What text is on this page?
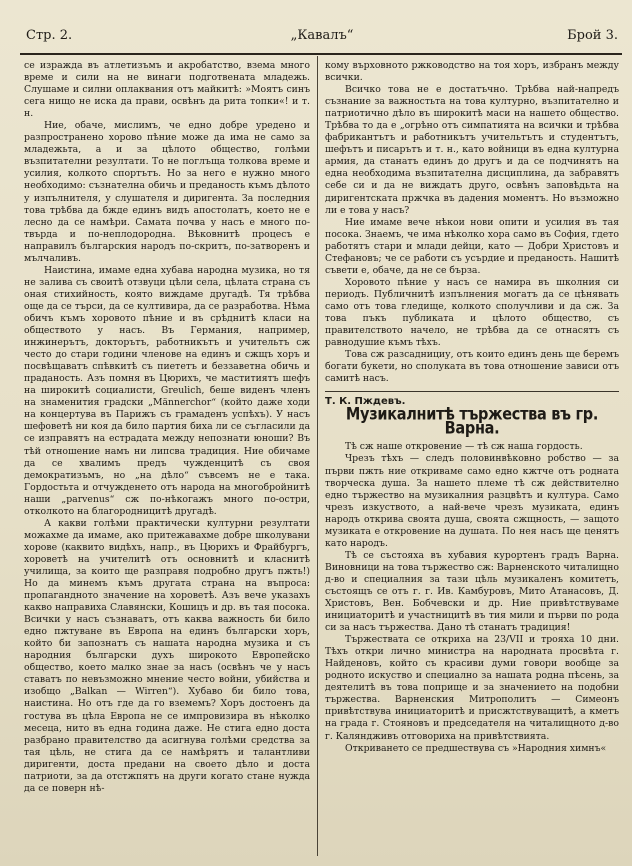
Стр. 2.	„Кавалъ“	Брой 3.

се изражда въ атлетизъмъ и акробатство, взема много време и сили на не винаги подготвената младежь. Слушаме и силни оплаквания отъ майкитѣ: »Моятъ синъ сега нищо не иска да прави, освѣнъ да рита топки«! и т. н.

Ние, обаче, мислимъ, че едно добре уредено и разпространено хорово пѣние може да има не само за младежьта, а и за цѣлото общество, голѣми възпитателни резултати. То не поглъща толкова време и усилия, колкото спортътъ. Но за него е нужно много необходимо: съзнателна обичь и преданость къмъ дѣлото у изпълнителя, у слушателя и диригента. За последния това трѣбва да бжде единъ видъ апостолатъ, което не е лесно да се намѣри. Самата почва у насъ е много по-твърда и по-неплодородна. Вѣковнитѣ процесъ е направилъ българския народъ по-скритъ, по-затворенъ и мълчаливъ.

Наистина, имаме една хубава народна музика, но тя не залива съ своитѣ отзвуци цѣли села, цѣлата страна съ оная стихийность, която виждаме другадѣ. Тя трѣбва още да се търси, да се култивира, да се разработва. Нѣма обичъ къмъ хоровото пѣние и въ срѣднитѣ класи на обществото у насъ. Въ Германия, например, инжинерътъ, докторътъ, работникътъ и учительтъ сж често до стари години членове на единъ и сжщъ хоръ и посвѣщаватъ спѣвкитѣ съ пиететъ и беззаветна обичь и праданость. Азъ помня въ Цюрихъ, че маститиятъ шефъ на широкитѣ социалисти, Greulich, беше виденъ членъ на знаменития градски „Männerchor“ (който даже ходи на концертува въ Парижъ съ грамаденъ успѣхъ). У насъ шефоветѣ ни коя да било партия биха ли се съгласили да се изправятъ на естрадата между непознати юноши? Въ тѣй отношение намъ ни липсва традиция. Ние обичаме да се хвалимъ предъ чужденцитѣ съ своя демократизъмъ, но „на дѣло“ съвсемъ не е така. Гордостьта и отчужденето отъ народа на многобройнитѣ наши „parvenus“ сж по-нѣкогажъ много по-остри, отколкото на благородницитѣ другадѣ.

А какви голѣми практически културни резултати можахме да имаме, ако притежавахме добре школувани хорове (каквито видѣхъ, напр., въ Цюрихъ и Фрайбургъ, хороветѣ на учителитѣ отъ основнитѣ и класнитѣ училища, за които ще разправя подробно другъ пжть!) Но да минемъ къмъ другата страна на въпроса: пропагандното значение на хороветѣ. Азъ вече указахъ какво направиха Славянски, Кошицъ и др. въ тая посока. Всички у насъ съзнаватъ, отъ каква важность би било едно пжтуване въ Европа на единъ български хоръ, който би запознатъ съ нашата народна музика и съ народния български духъ широкото Европейско общество, което малко знае за насъ (освѣнъ че у насъ ставатъ по невъзможно мнение често войни, убийства и изобщо „Balkan — Wirren“). Хубаво би било това, наистина. Но отъ где да го вземемъ? Хоръ достоенъ да гостува въ цѣла Европа не се импровизира въ нѣколко месеца, нито въ една година даже. Не стига едно доста разбрано правителство да асигнува голѣми средства за тая цѣль, не стига да се намѣрятъ и талантливи диригенти, доста предани на своето дѣло и доста патриоти, за да отстжпятъ на други когато стане нужда да се поверн нѣ-

кому върховното ржководство на тоя хоръ, избранъ между всички.

Всичко това не е достатъчно. Трѣбва най-напредъ съзнание за важностьта на това културно, възпитателно и патриотично дѣло въ широкитѣ маси на нашето общество. Трѣбва то да е „огрѣно отъ симпатията на всички и трѣбва фабрикантътъ и работникътъ учительтътъ и студентътъ, шефътъ и писарътъ и т. н., като войници въ една културна армия, да станатъ единъ до другъ и да се подчинятъ на една необходима възпитателна дисциплина, да забравятъ себе си и да не виждатъ друго, освѣнъ заповѣдьта на диригентската пржчка въ дадения моментъ. Но възможно ли е това у насъ?

Ние имаме вече нѣкои нови опити и усилия въ тая посока. Знаемъ, че има нѣколко хора само въ София, гдето работятъ стари и млади дейци, като — Добри Христовъ и Стефановъ; че се работи съ усърдие и преданость. Нашитѣ съвети е, обаче, да не се бърза.

Хоровото пѣние у насъ се намира въ школния си периодъ. Публичнитѣ изпълнения могатъ да се цѣнявать само отъ това гледище, колкото сполучливи и да сж. За това пъкъ публиката и цѣлото общество, съ правителството начело, не трѣбва да се отнасятъ съ равнодушие къмъ тѣхъ.

Това сж разсаднициу, отъ които единъ день ще беремъ богати букети, но сполуката въ това отношение зависи отъ самитѣ насъ.

Т. К. Пждевъ.

Музикалнитѣ тържества въ гр. Варна.

Тѣ сж наше откровение — тѣ сж наша гордость.

Чрезъ тѣхъ — следъ половинвѣковно робство — за първи пжть ние откриваме само едно кжтче отъ родната творческа душа. За нашето племе тѣ сж действително едно тържество на музикалния разцвѣтъ и култура. Само чрезъ изкуството, а най-вече чрезъ музиката, единъ народъ открива своята душа, своята сжщность, — защото музиката е откровение на душата. По нея насъ ще ценятъ като народъ.

Тѣ се състояха въ хубавия курортенъ градъ Варна. Виновници на това тържество сж: Варненското читалищно д-во и специалния за тази цѣль музикаленъ комитетъ, състоящъ се отъ г. г. Ив. Камбуровъ, Мито Атанасовъ, Д. Христовъ, Вен. Бобчевски и др. Ние привѣтствуваме инициаторитѣ и участницитѣ въ тия мили и първи по рода си за насъ тържества. Дано тѣ станатъ традиция!

Тържествата се откриха на 23/VII и трояха 10 дни. Тѣхъ откри лично министра на народната просвѣта г. Найденовъ, който съ красиви думи говори вообще за родното искуство и специално за нашата родна пѣсень, за деятелитѣ въ това поприще и за значението на подобни тържества. Варненския Митрополитъ — Симеонъ привѣтствува инициаторитѣ и присжтствуващитѣ, а кметъ на града г. Стояновъ и председателя на читалищното д-во г. Каляндживъ отговориха на привѣтствията.

Откриването се предшествува съ »Народния химнъ«
